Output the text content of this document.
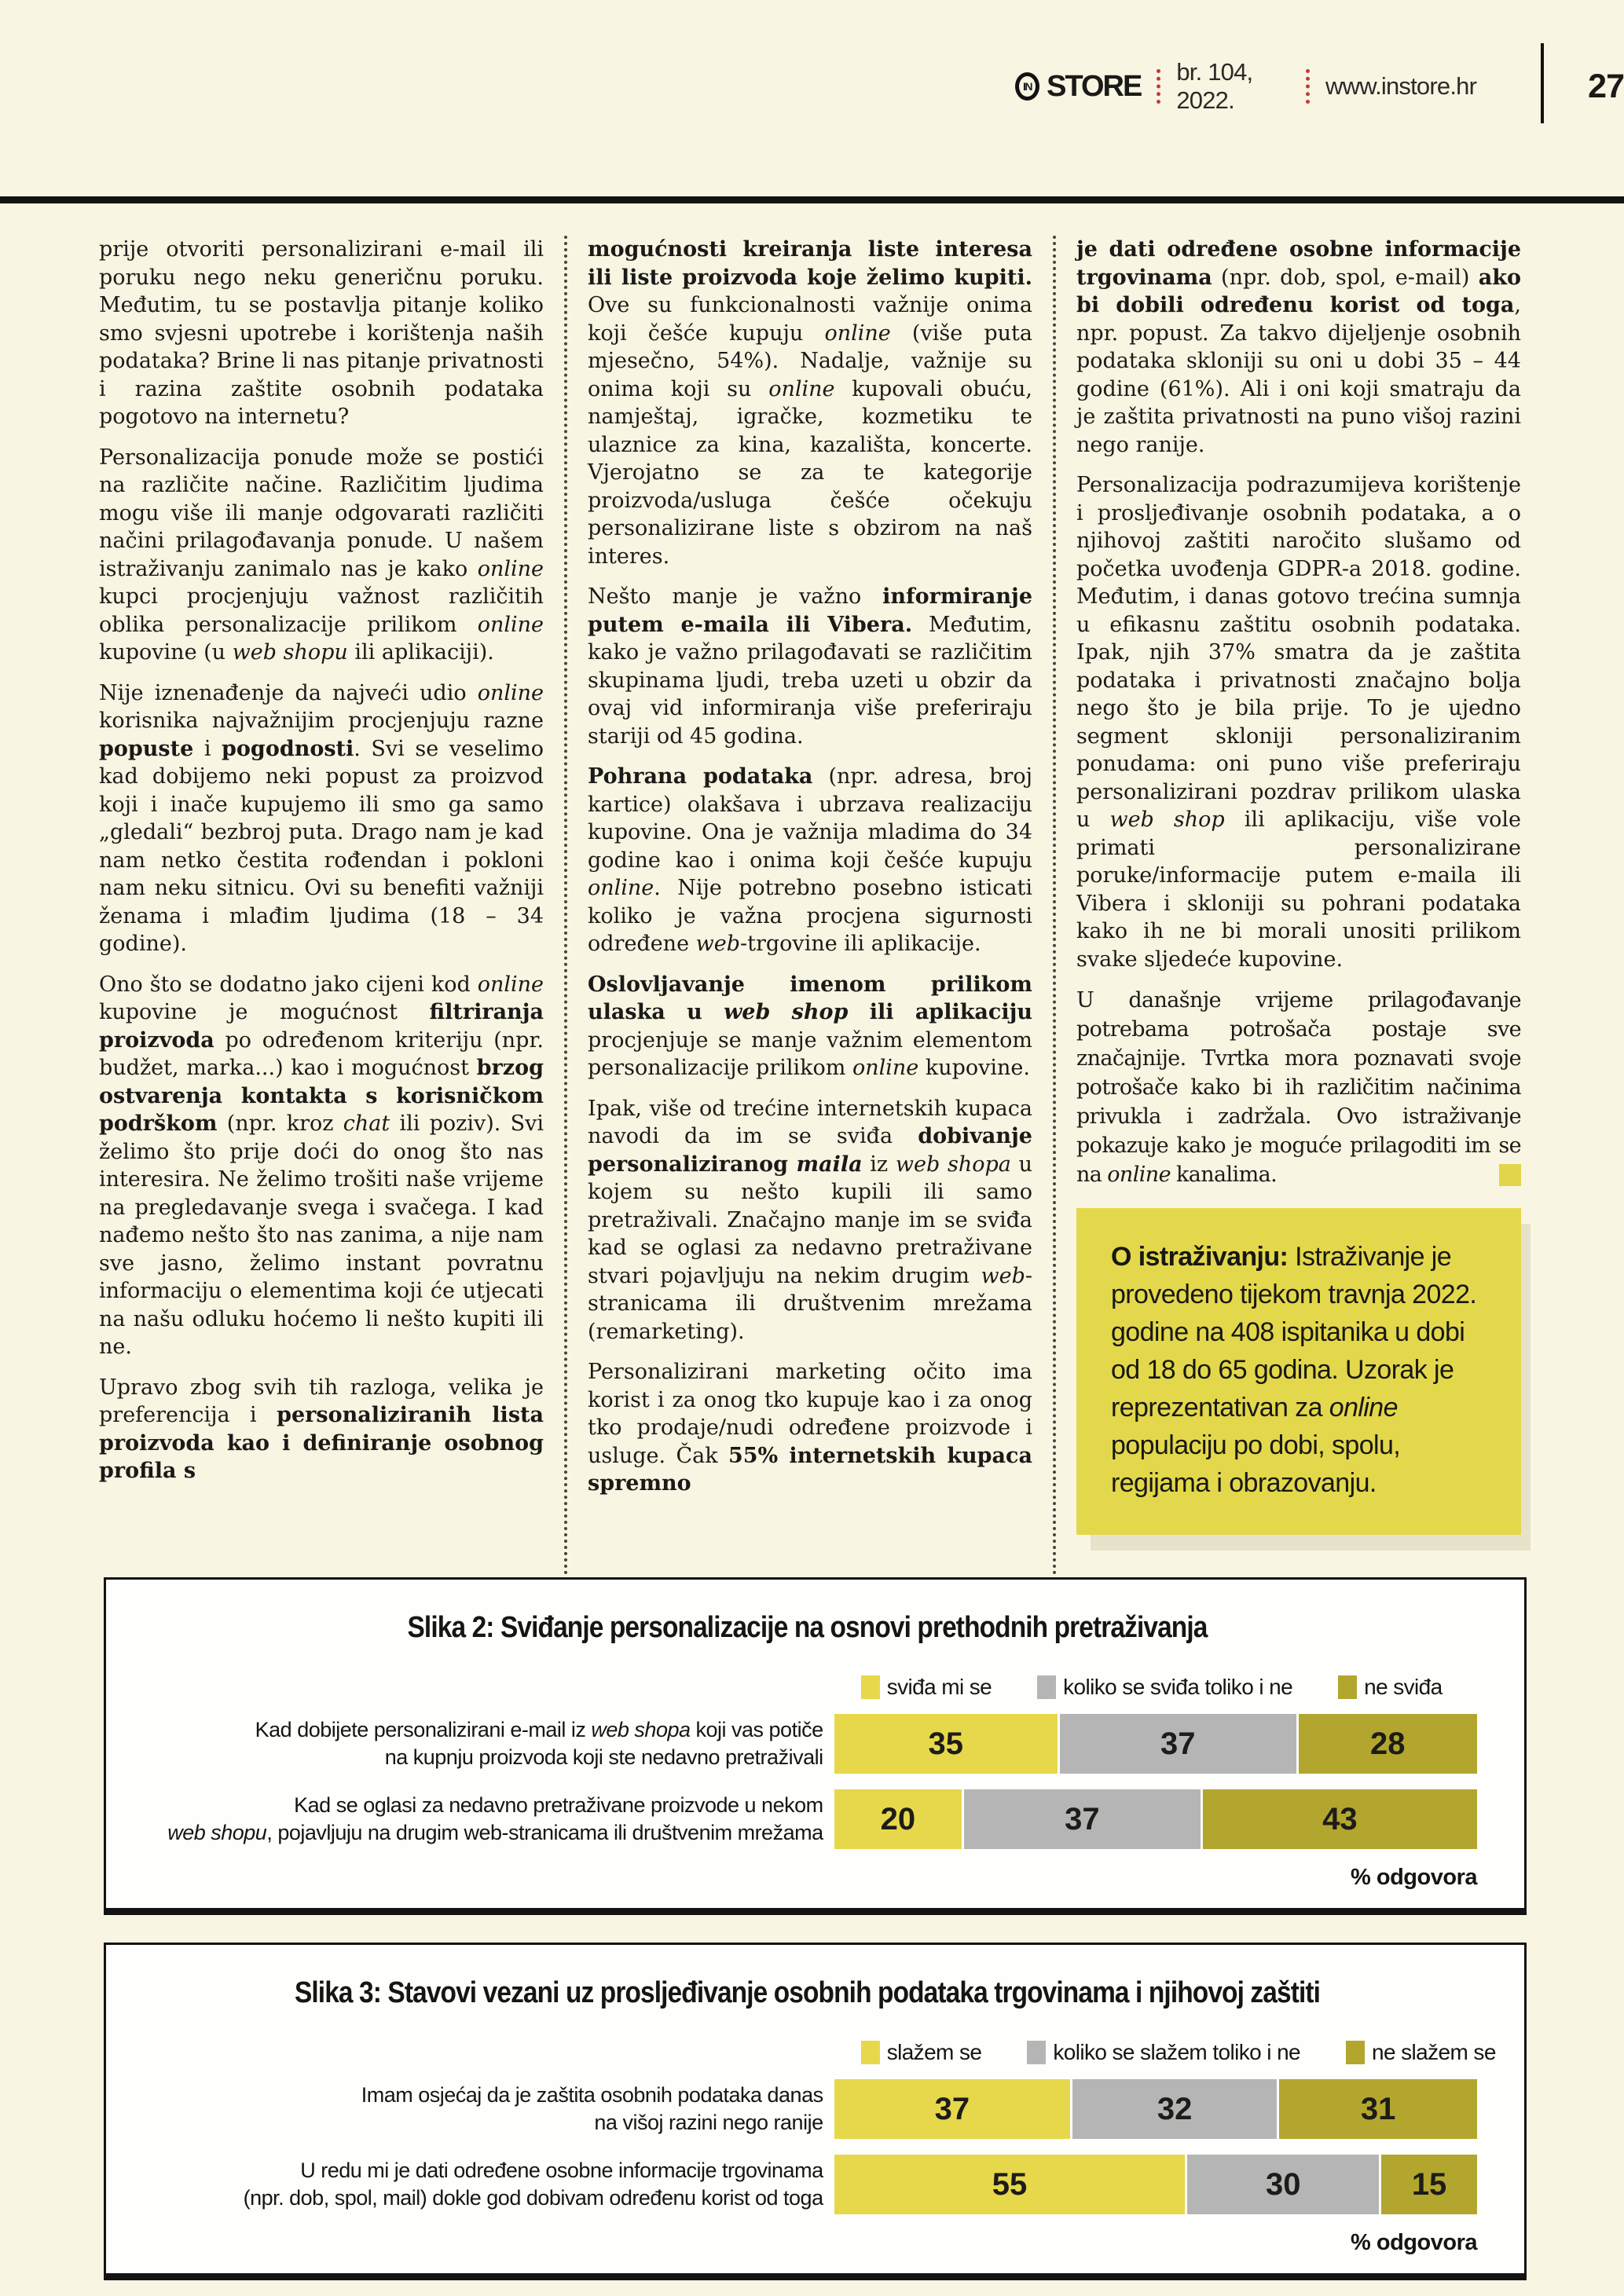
IN STORE br. 104, 2022.
www.instore.hr	27

prije otvoriti personalizirani e-mail ili poruku nego neku generičnu poruku. Međutim, tu se postavlja pitanje koliko smo svjesni upotrebe i korištenja naših podataka? Brine li nas pitanje privatnosti i razina zaštite osobnih podataka pogotovo na internetu?

Personalizacija ponude može se postići na različite načine. Različitim ljudima mogu više ili manje odgovarati različiti načini prilagođavanja ponude. U našem istraživanju zanimalo nas je kako online kupci procjenjuju važnost različitih oblika personalizacije prilikom online kupovine (u web shopu ili aplikaciji).

Nije iznenađenje da najveći udio online korisnika najvažnijim procjenjuju razne popuste i pogodnosti. Svi se veselimo kad dobijemo neki popust za proizvod koji i inače kupujemo ili smo ga samo „gledali“ bezbroj puta. Drago nam je kad nam netko čestita rođendan i pokloni nam neku sitnicu. Ovi su benefiti važniji ženama i mlađim ljudima (18 – 34 godine).

Ono što se dodatno jako cijeni kod online kupovine je mogućnost filtriranja proizvoda po određenom kriteriju (npr. budžet, marka...) kao i mogućnost brzog ostvarenja kontakta s korisničkom podrškom (npr. kroz chat ili poziv). Svi želimo što prije doći do onog što nas interesira. Ne želimo trošiti naše vrijeme na pregledavanje svega i svačega. I kad nađemo nešto što nas zanima, a nije nam sve jasno, želimo instant povratnu informaciju o elementima koji će utjecati na našu odluku hoćemo li nešto kupiti ili ne.

Upravo zbog svih tih razloga, velika je preferencija i personaliziranih lista proizvoda kao i definiranje osobnog profila s

mogućnosti kreiranja liste interesa ili liste proizvoda koje želimo kupiti. Ove su funkcionalnosti važnije onima koji češće kupuju online (više puta mjesečno, 54%). Nadalje, važnije su onima koji su online kupovali obuću, namještaj, igračke, kozmetiku te ulaznice za kina, kazališta, koncerte. Vjerojatno se za te kategorije proizvoda/usluga češće očekuju personalizirane liste s obzirom na naš interes.

Nešto manje je važno informiranje putem e-maila ili Vibera. Međutim, kako je važno prilagođavati se različitim skupinama ljudi, treba uzeti u obzir da ovaj vid informiranja više preferiraju stariji od 45 godina.

Pohrana podataka (npr. adresa, broj kartice) olakšava i ubrzava realizaciju kupovine. Ona je važnija mladima do 34 godine kao i onima koji češće kupuju online. Nije potrebno posebno isticati koliko je važna procjena sigurnosti određene web-trgovine ili aplikacije.

Oslovljavanje imenom prilikom ulaska u web shop ili aplikaciju procjenjuje se manje važnim elementom personalizacije prilikom online kupovine.

Ipak, više od trećine internetskih kupaca navodi da im se sviđa dobivanje personaliziranog maila iz web shopa u kojem su nešto kupili ili samo pretraživali. Značajno manje im se sviđa kad se oglasi za nedavno pretraživane stvari pojavljuju na nekim drugim web-stranicama ili društvenim mrežama (remarketing).

Personalizirani marketing očito ima korist i za onog tko kupuje kao i za onog tko prodaje/nudi određene proizvode i usluge. Čak 55% internetskih kupaca spremno

je dati određene osobne informacije trgovinama (npr. dob, spol, e-mail) ako bi dobili određenu korist od toga, npr. popust. Za takvo dijeljenje osobnih podataka skloniji su oni u dobi 35 – 44 godine (61%). Ali i oni koji smatraju da je zaštita privatnosti na puno višoj razini nego ranije.

Personalizacija podrazumijeva korištenje i prosljeđivanje osobnih podataka, a o njihovoj zaštiti naročito slušamo od početka uvođenja GDPR-a 2018. godine. Međutim, i danas gotovo trećina sumnja u efikasnu zaštitu osobnih podataka. Ipak, njih 37% smatra da je zaštita podataka i privatnosti značajno bolja nego što je bila prije. To je ujedno segment skloniji personaliziranim ponudama: oni puno više preferiraju personalizirani pozdrav prilikom ulaska u web shop ili aplikaciju, više vole primati personalizirane poruke/informacije putem e-maila ili Vibera i skloniji su pohrani podataka kako ih ne bi morali unositi prilikom svake sljedeće kupovine.

U današnje vrijeme prilagođavanje potrebama potrošača postaje sve značajnije. Tvrtka mora poznavati svoje potrošače kako bi ih različitim načinima privukla i zadržala. Ovo istraživanje pokazuje kako je moguće prilagoditi im se na online kanalima.

O istraživanju: Istraživanje je provedeno tijekom travnja 2022. godine na 408 ispitanika u dobi od 18 do 65 godina. Uzorak je reprezentativan za online populaciju po dobi, spolu, regijama i obrazovanju.
Slika 2: Sviđanje personalizacije na osnovi prethodnih pretraživanja
sviđa mi se	koliko se sviđa toliko i ne	ne sviđa
Kad dobijete personalizirani e-mail iz web shopa koji vas potiče
na kupnju proizvoda koji ste nedavno pretraživali	35	37	28
Kad se oglasi za nedavno pretraživane proizvode u nekom
web shopu, pojavljuju na drugim web-stranicama ili društvenim mrežama	20	37	43
% odgovora
Slika 3: Stavovi vezani uz prosljeđivanje osobnih podataka trgovinama i njihovoj zaštiti
slažem se	koliko se slažem toliko i ne	ne slažem se
Imam osjećaj da je zaštita osobnih podataka danas
na višoj razini nego ranije	37	32	31
U redu mi je dati određene osobne informacije trgovinama
(npr. dob, spol, mail) dokle god dobivam određenu korist od toga	55	30	15
% odgovora
